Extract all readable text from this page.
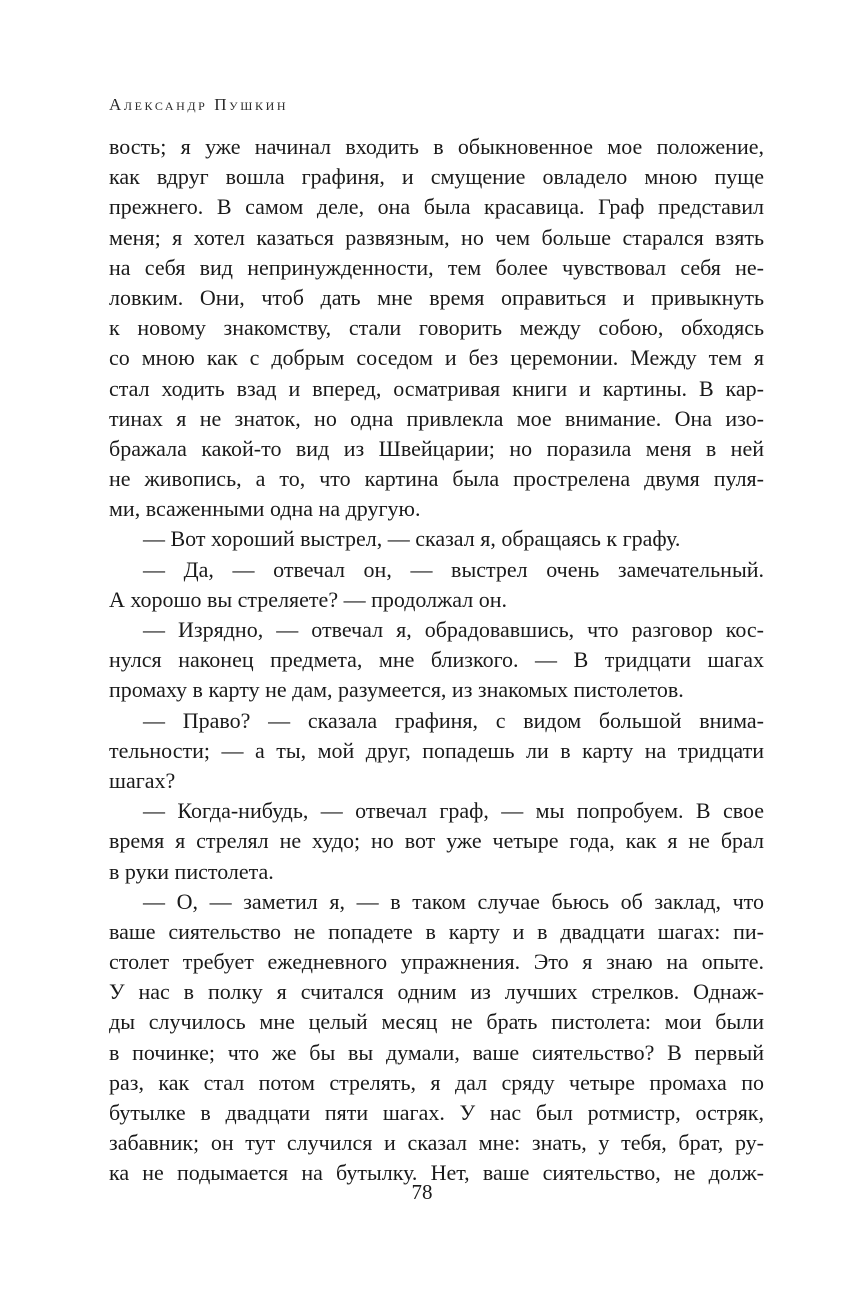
Александр Пушкин
вость; я уже начинал входить в обыкновенное мое положение,
как вдруг вошла графиня, и смущение овладело мною пуще
прежнего. В самом деле, она была красавица. Граф представил
меня; я хотел казаться развязным, но чем больше старался взять
на себя вид непринужденности, тем более чувствовал себя не-
ловким. Они, чтоб дать мне время оправиться и привыкнуть
к новому знакомству, стали говорить между собою, обходясь
со мною как с добрым соседом и без церемонии. Между тем я
стал ходить взад и вперед, осматривая книги и картины. В кар-
тинах я не знаток, но одна привлекла мое внимание. Она изо-
бражала какой-то вид из Швейцарии; но поразила меня в ней
не живопись, а то, что картина была прострелена двумя пуля-
ми, всаженными одна на другую.
— Вот хороший выстрел, — сказал я, обращаясь к графу.
— Да, — отвечал он, — выстрел очень замечательный.
А хорошо вы стреляете? — продолжал он.
— Изрядно, — отвечал я, обрадовавшись, что разговор кос-
нулся наконец предмета, мне близкого. — В тридцати шагах
промаху в карту не дам, разумеется, из знакомых пистолетов.
— Право? — сказала графиня, с видом большой внима-
тельности; — а ты, мой друг, попадешь ли в карту на тридцати
шагах?
— Когда-нибудь, — отвечал граф, — мы попробуем. В свое
время я стрелял не худо; но вот уже четыре года, как я не брал
в руки пистолета.
— О, — заметил я, — в таком случае бьюсь об заклад, что
ваше сиятельство не попадете в карту и в двадцати шагах: пи-
столет требует ежедневного упражнения. Это я знаю на опыте.
У нас в полку я считался одним из лучших стрелков. Однаж-
ды случилось мне целый месяц не брать пистолета: мои были
в починке; что же бы вы думали, ваше сиятельство? В первый
раз, как стал потом стрелять, я дал сряду четыре промаха по
бутылке в двадцати пяти шагах. У нас был ротмистр, остряк,
забавник; он тут случился и сказал мне: знать, у тебя, брат, ру-
ка не подымается на бутылку. Нет, ваше сиятельство, не долж-
78
